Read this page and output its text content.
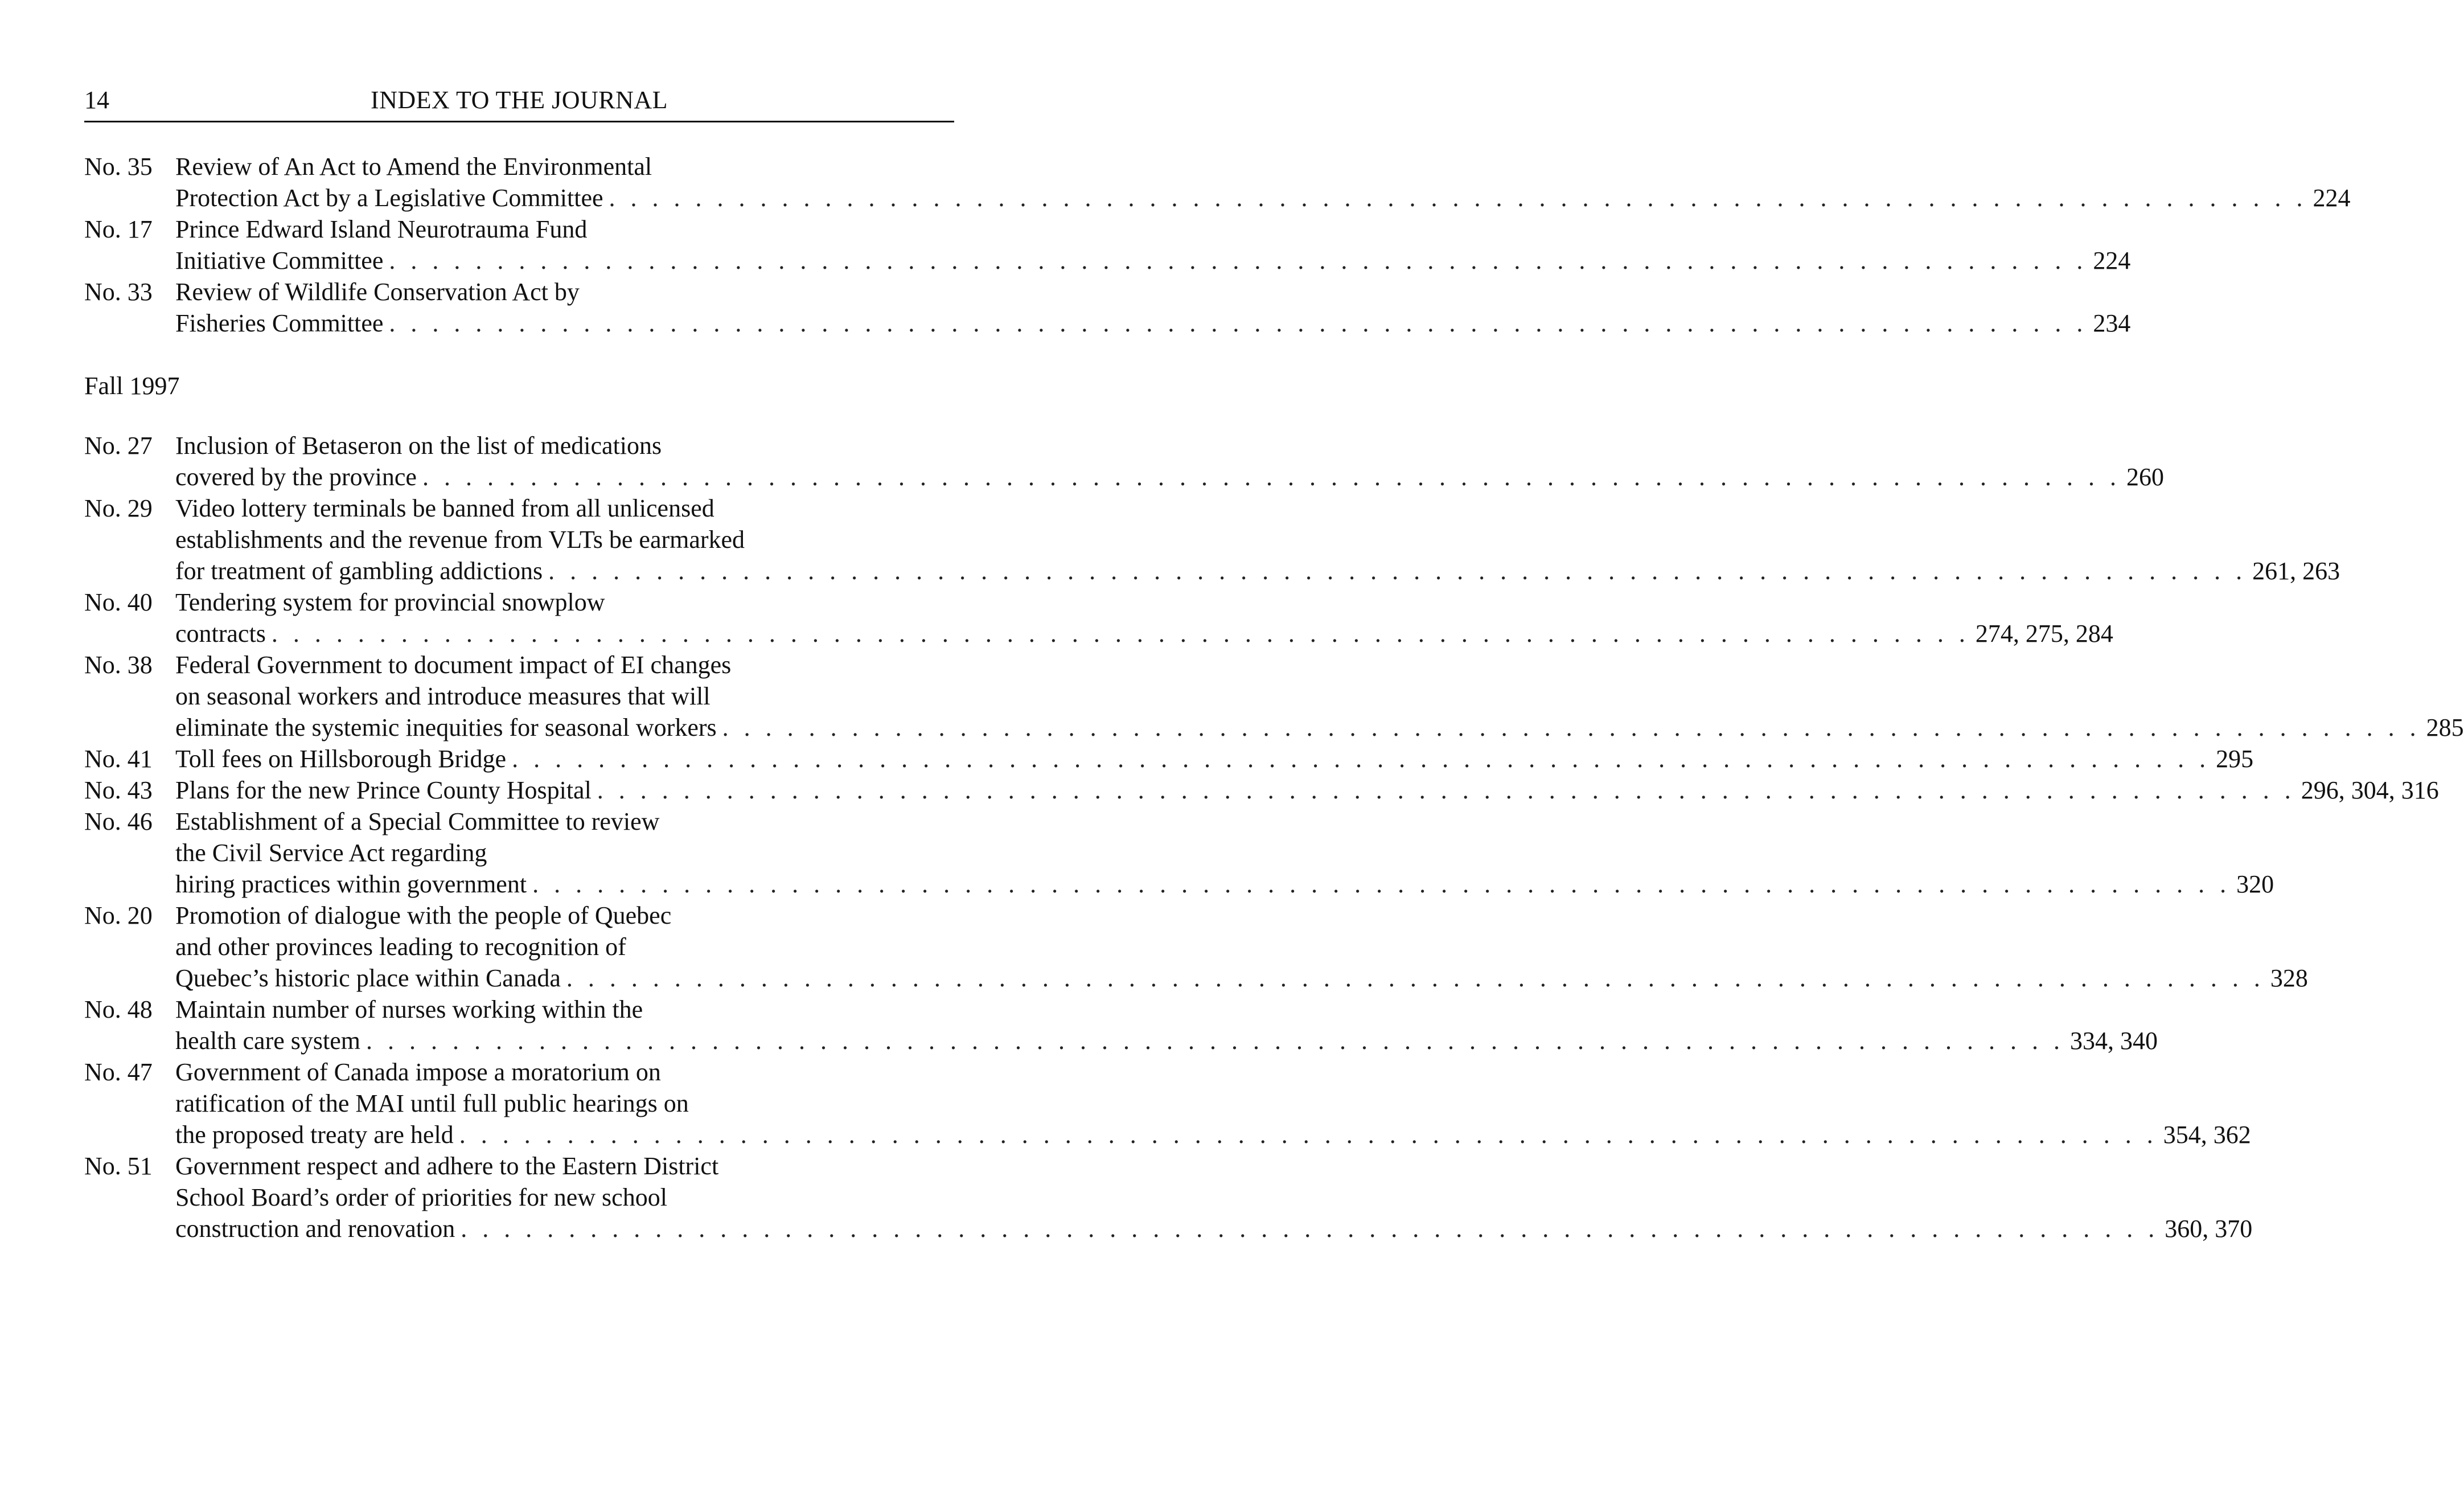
14	INDEX TO THE JOURNAL
No. 35 Review of An Act to Amend the Environmental
Protection Act by a Legislative Committee . . . . . . . . . . . . . . . . . . . . . . . . . . . . . . . . . . . . . . . . . . . . . . . . . . . . . . . . . . . . . . . . . . . . . . . . . . . . . . . 224
No. 17 Prince Edward Island Neurotrauma Fund
Initiative Committee . . . . . . . . . . . . . . . . . . . . . . . . . . . . . . . . . . . . . . . . . . . . . . . . . . . . . . . . . . . . . . . . . . . . . . . . . . . . . . . 224
No. 33 Review of Wildlife Conservation Act by
Fisheries Committee . . . . . . . . . . . . . . . . . . . . . . . . . . . . . . . . . . . . . . . . . . . . . . . . . . . . . . . . . . . . . . . . . . . . . . . . . . . . . . . 234
Fall 1997
No. 27 Inclusion of Betaseron on the list of medications
covered by the province . . . . . . . . . . . . . . . . . . . . . . . . . . . . . . . . . . . . . . . . . . . . . . . . . . . . . . . . . . . . . . . . . . . . . . . . . . . . . . . 260
No. 29 Video lottery terminals be banned from all unlicensed
establishments and the revenue from VLTs be earmarked
for treatment of gambling addictions . . . . . . . . . . . . . . . . . . . . . . . . . . . . . . . . . . . . . . . . . . . . . . . . . . . . . . . . . . . . . . . . . . . . . . . . . . . . . . . 261, 263
No. 40 Tendering system for provincial snowplow
contracts . . . . . . . . . . . . . . . . . . . . . . . . . . . . . . . . . . . . . . . . . . . . . . . . . . . . . . . . . . . . . . . . . . . . . . . . . . . . . . . 274, 275, 284
No. 38 Federal Government to document impact of EI changes
on seasonal workers and introduce measures that will
eliminate the systemic inequities for seasonal workers . . . . . . . . . . . . . . . . . . . . . . . . . . . . . . . . . . . . . . . . . . . . . . . . . . . . . . . . . . . . . . . . . . . . . . . . . . . . . . . 285
No. 41 Toll fees on Hillsborough Bridge . . . . . . . . . . . . . . . . . . . . . . . . . . . . . . . . . . . . . . . . . . . . . . . . . . . . . . . . . . . . . . . . . . . . . . . . . . . . . . . 295
No. 43 Plans for the new Prince County Hospital . . . . . . . . . . . . . . . . . . . . . . . . . . . . . . . . . . . . . . . . . . . . . . . . . . . . . . . . . . . . . . . . . . . . . . . . . . . . . . . 296, 304, 316
No. 46 Establishment of a Special Committee to review
the Civil Service Act regarding
hiring practices within government . . . . . . . . . . . . . . . . . . . . . . . . . . . . . . . . . . . . . . . . . . . . . . . . . . . . . . . . . . . . . . . . . . . . . . . . . . . . . . . 320
No. 20 Promotion of dialogue with the people of Quebec
and other provinces leading to recognition of
Quebec’s historic place within Canada . . . . . . . . . . . . . . . . . . . . . . . . . . . . . . . . . . . . . . . . . . . . . . . . . . . . . . . . . . . . . . . . . . . . . . . . . . . . . . . 328
No. 48 Maintain number of nurses working within the
health care system . . . . . . . . . . . . . . . . . . . . . . . . . . . . . . . . . . . . . . . . . . . . . . . . . . . . . . . . . . . . . . . . . . . . . . . . . . . . . . . 334, 340
No. 47 Government of Canada impose a moratorium on
ratification of the MAI until full public hearings on
the proposed treaty are held . . . . . . . . . . . . . . . . . . . . . . . . . . . . . . . . . . . . . . . . . . . . . . . . . . . . . . . . . . . . . . . . . . . . . . . . . . . . . . . 354, 362
No. 51 Government respect and adhere to the Eastern District
School Board’s order of priorities for new school
construction and renovation . . . . . . . . . . . . . . . . . . . . . . . . . . . . . . . . . . . . . . . . . . . . . . . . . . . . . . . . . . . . . . . . . . . . . . . . . . . . . . . 360, 370
